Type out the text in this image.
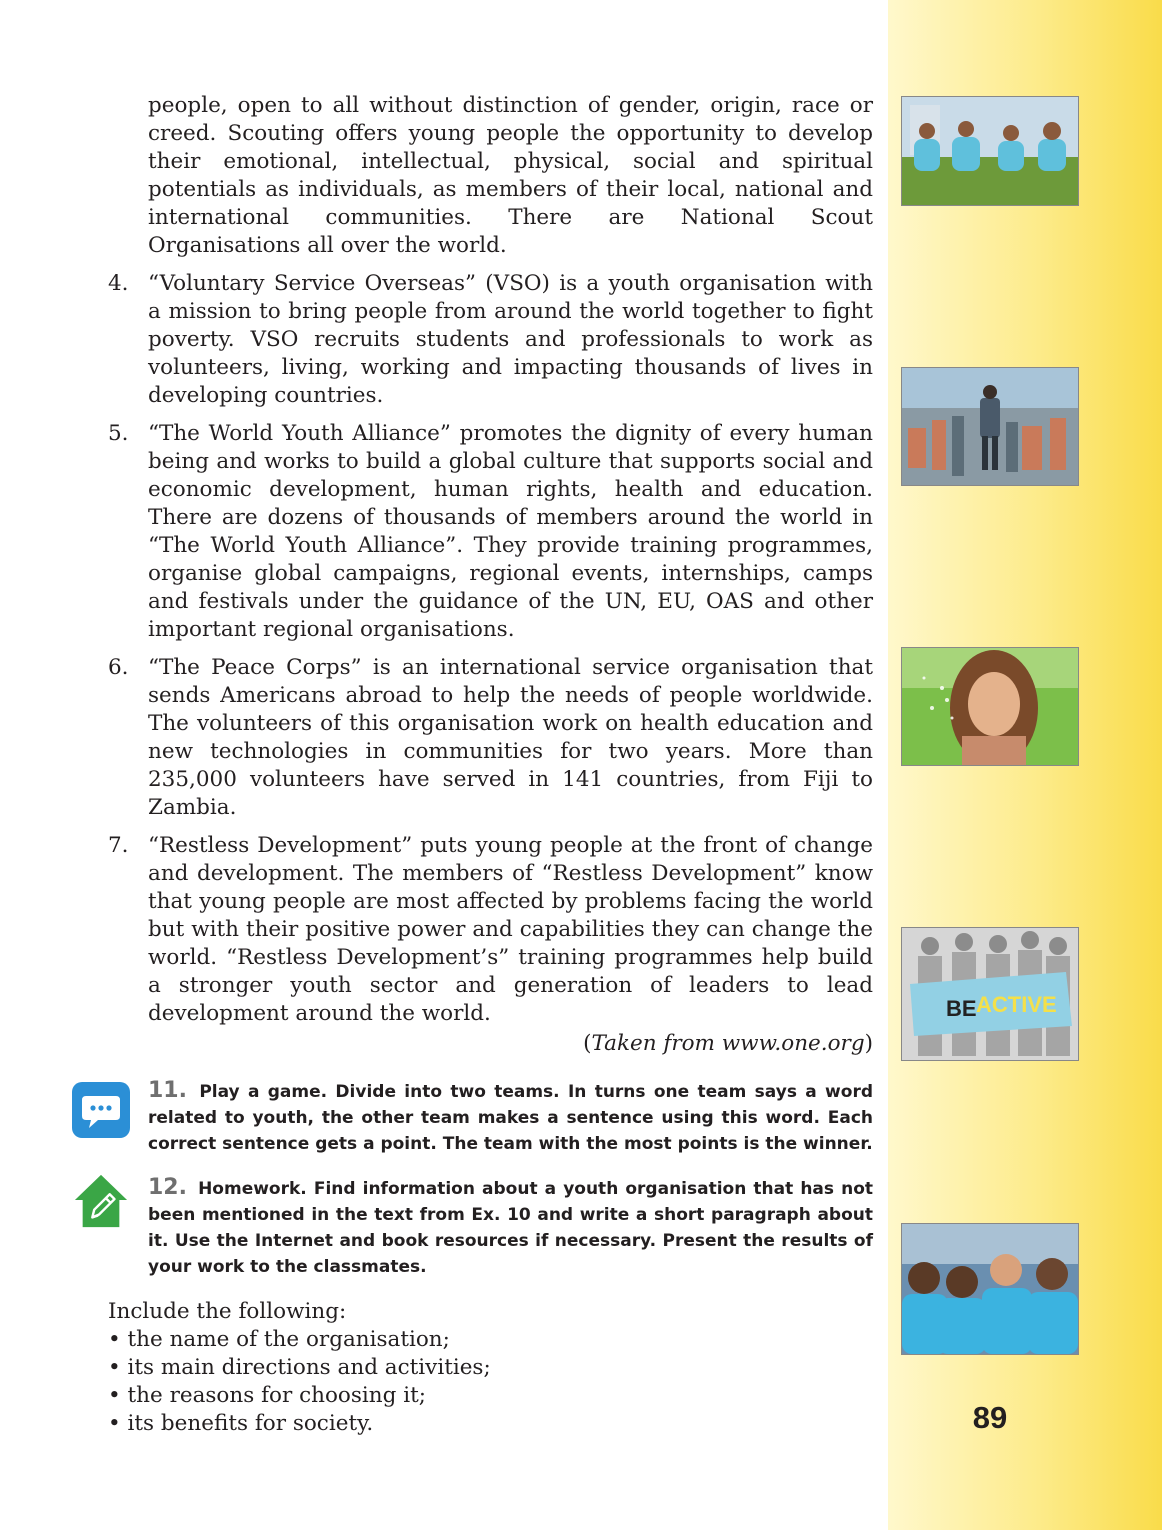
people, open to all without distinction of gender, origin, race or creed. Scouting offers young people the opportunity to develop their emotional, intellectual, physical, social and spiritual potentials as individuals, as members of their local, national and international communities. There are National Scout Organisations all over the world.

4. “Voluntary Service Overseas” (VSO) is a youth organisation with a mission to bring people from around the world together to fight poverty. VSO recruits students and professionals to work as volunteers, living, working and impacting thousands of lives in developing countries.
5. “The World Youth Alliance” promotes the dignity of every human being and works to build a global culture that supports social and economic development, human rights, health and education. There are dozens of thousands of members around the world in “The World Youth Alliance”. They provide training programmes, organise global campaigns, regional events, internships, camps and festivals under the guidance of the UN, EU, OAS and other important regional organisations.
6. “The Peace Corps” is an international service organisation that sends Americans abroad to help the needs of people worldwide. The volunteers of this organisation work on health education and new technologies in communities for two years. More than 235,000 volunteers have served in 141 countries, from Fiji to Zambia.
7. “Restless Development” puts young people at the front of change and development. The members of “Restless Development” know that young people are most affected by problems facing the world but with their positive power and capabilities they can change the world. “Restless Development’s” training programmes help build a stronger youth sector and generation of leaders to lead development around the world.
(Taken from www.one.org)
11. Play a game. Divide into two teams. In turns one team says a word related to youth, the other team makes a sentence using this word. Each correct sentence gets a point. The team with the most points is the winner.
12. Homework. Find information about a youth organisation that has not been mentioned in the text from Ex. 10 and write a short paragraph about it. Use the Internet and book resources if necessary. Present the results of your work to the classmates.
Include the following:
• the name of the organisation;
• its main directions and activities;
• the reasons for choosing it;
• its benefits for society.
BE ACTIVE
89
